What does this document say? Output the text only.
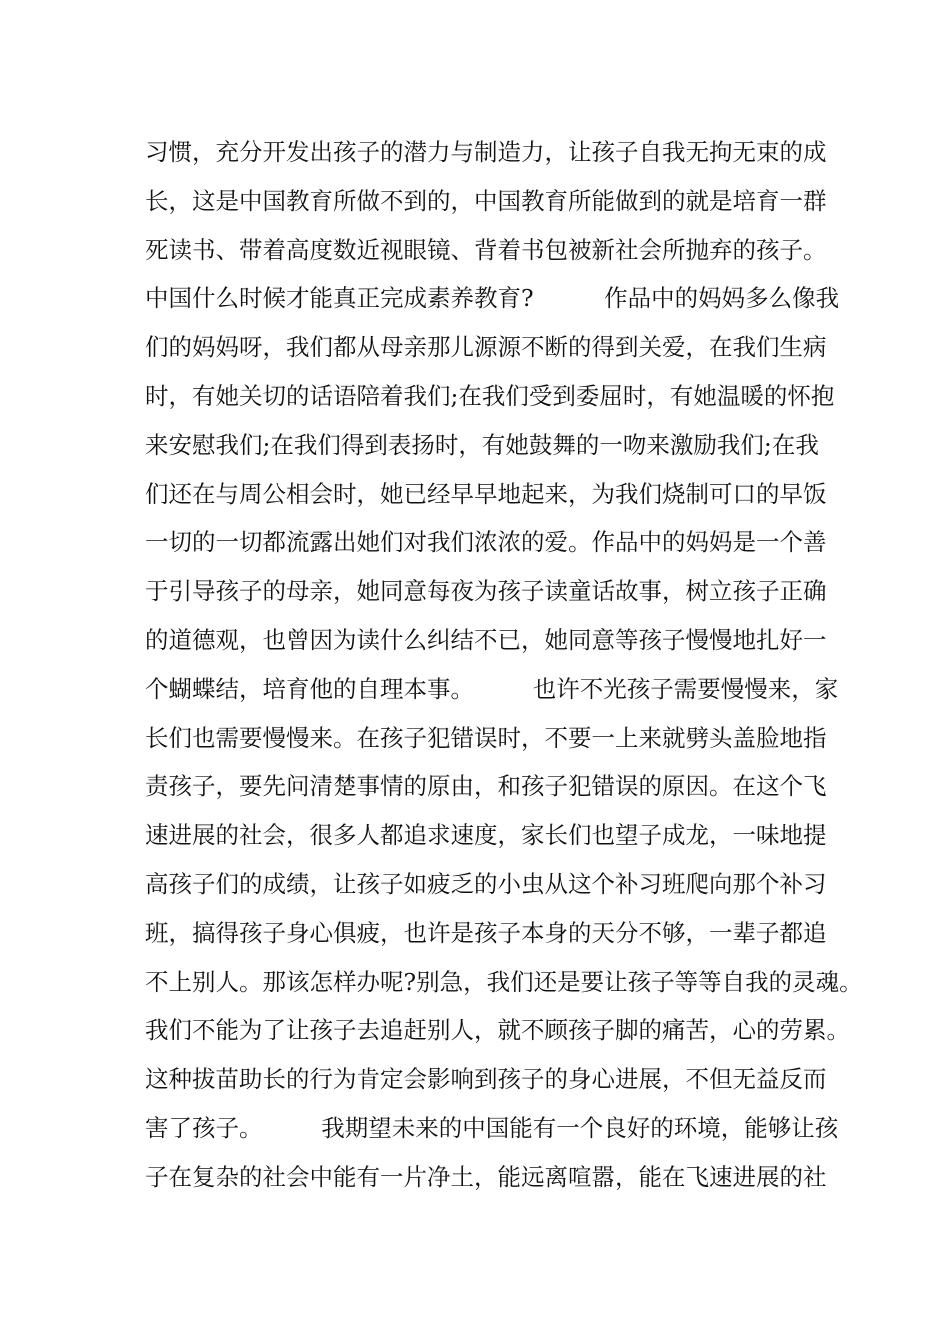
习惯，充分开发出孩子的潜力与制造力，让孩子自我无拘无束的成
长，这是中国教育所做不到的，中国教育所能做到的就是培育一群
死读书、带着高度数近视眼镜、背着书包被新社会所抛弃的孩子。
中国什么时候才能真正完成素养教育?　　　作品中的妈妈多么像我
们的妈妈呀，我们都从母亲那儿源源不断的得到关爱，在我们生病
时，有她关切的话语陪着我们;在我们受到委屈时，有她温暖的怀抱
来安慰我们;在我们得到表扬时，有她鼓舞的一吻来激励我们;在我
们还在与周公相会时，她已经早早地起来，为我们烧制可口的早饭
一切的一切都流露出她们对我们浓浓的爱。作品中的妈妈是一个善
于引导孩子的母亲，她同意每夜为孩子读童话故事，树立孩子正确
的道德观，也曾因为读什么纠结不已，她同意等孩子慢慢地扎好一
个蝴蝶结，培育他的自理本事。　　　也许不光孩子需要慢慢来，家
长们也需要慢慢来。在孩子犯错误时，不要一上来就劈头盖脸地指
责孩子，要先问清楚事情的原由，和孩子犯错误的原因。在这个飞
速进展的社会，很多人都追求速度，家长们也望子成龙，一味地提
高孩子们的成绩，让孩子如疲乏的小虫从这个补习班爬向那个补习
班，搞得孩子身心俱疲，也许是孩子本身的天分不够，一辈子都追
不上别人。那该怎样办呢?别急，我们还是要让孩子等等自我的灵魂。
我们不能为了让孩子去追赶别人，就不顾孩子脚的痛苦，心的劳累。
这种拔苗助长的行为肯定会影响到孩子的身心进展，不但无益反而
害了孩子。　　　我期望未来的中国能有一个良好的环境，能够让孩
子在复杂的社会中能有一片净土，能远离喧嚣，能在飞速进展的社
